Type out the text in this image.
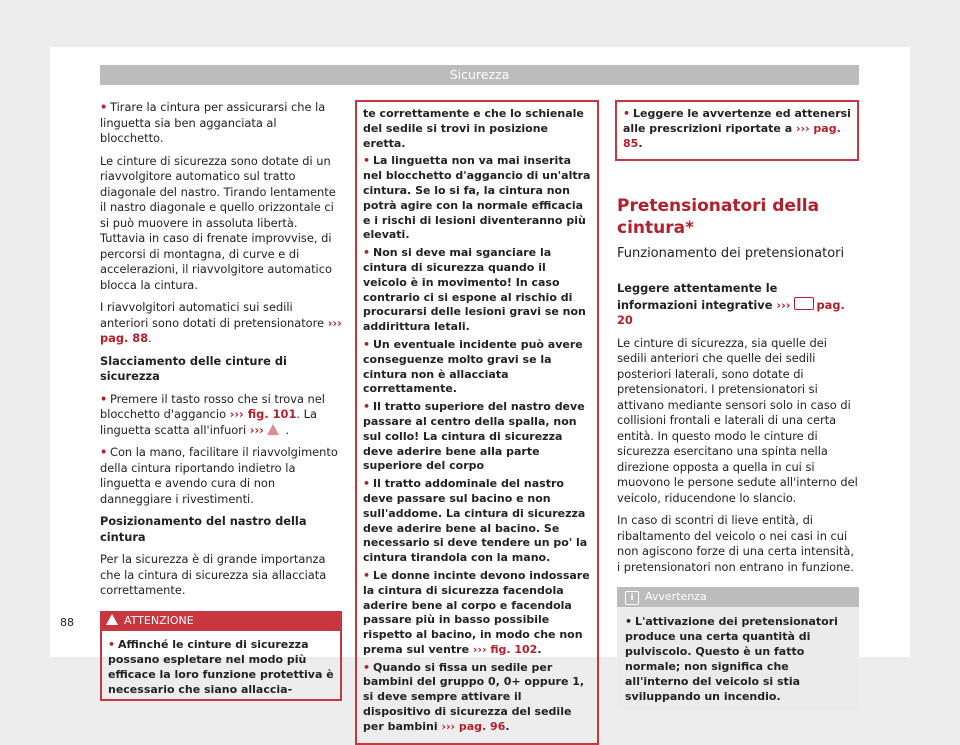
Sicurezza

• Tirare la cintura per assicurarsi che la linguetta sia ben agganciata al blocchetto.

Le cinture di sicurezza sono dotate di un riavvolgitore automatico sul tratto diagonale del nastro. Tirando lentamente il nastro diagonale e quello orizzontale ci si può muovere in assoluta libertà. Tuttavia in caso di frenate improvvise, di percorsi di montagna, di curve e di accelerazioni, il riavvolgitore automatico blocca la cintura.

I riavvolgitori automatici sui sedili anteriori sono dotati di pretensionatore ››› pag. 88.

Slacciamento delle cinture di sicurezza

• Premere il tasto rosso che si trova nel blocchetto d'aggancio ››› fig. 101. La linguetta scatta all'infuori ››› .

• Con la mano, facilitare il riavvolgimento della cintura riportando indietro la linguetta e avendo cura di non danneggiare i rivestimenti.

Posizionamento del nastro della cintura

Per la sicurezza è di grande importanza che la cintura di sicurezza sia allacciata correttamente.

ATTENZIONE
• Affinché le cinture di sicurezza possano espletare nel modo più efficace la loro funzione protettiva è necessario che siano allaccia-

te correttamente e che lo schienale del sedile si trovi in posizione eretta.

• La linguetta non va mai inserita nel blocchetto d'aggancio di un'altra cintura. Se lo si fa, la cintura non potrà agire con la normale efficacia e i rischi di lesioni diventeranno più elevati.

• Non si deve mai sganciare la cintura di sicurezza quando il veicolo è in movimento! In caso contrario ci si espone al rischio di procurarsi delle lesioni gravi se non addirittura letali.

• Un eventuale incidente può avere conseguenze molto gravi se la cintura non è allacciata correttamente.

• Il tratto superiore del nastro deve passare al centro della spalla, non sul collo! La cintura di sicurezza deve aderire bene alla parte superiore del corpo

• Il tratto addominale del nastro deve passare sul bacino e non sull'addome. La cintura di sicurezza deve aderire bene al bacino. Se necessario si deve tendere un po' la cintura tirandola con la mano.

• Le donne incinte devono indossare la cintura di sicurezza facendola aderire bene al corpo e facendola passare più in basso possibile rispetto al bacino, in modo che non prema sul ventre ››› fig. 102.

• Quando si fissa un sedile per bambini del gruppo 0, 0+ oppure 1, si deve sempre attivare il dispositivo di sicurezza del sedile per bambini ››› pag. 96.

• Leggere le avvertenze ed attenersi alle prescrizioni riportate a ››› pag. 85.

Pretensionatori della cintura*
Funzionamento dei pretensionatori

Leggere attentamente le informazioni integrative ››› pag. 20

Le cinture di sicurezza, sia quelle dei sedili anteriori che quelle dei sedili posteriori laterali, sono dotate di pretensionatori. I pretensionatori si attivano mediante sensori solo in caso di collisioni frontali e laterali di una certa entità. In questo modo le cinture di sicurezza esercitano una spinta nella direzione opposta a quella in cui si muovono le persone sedute all'interno del veicolo, riducendone lo slancio.

In caso di scontri di lieve entità, di ribaltamento del veicolo o nei casi in cui non agiscono forze di una certa intensità, i pretensionatori non entrano in funzione.

i Avvertenza
• L'attivazione dei pretensionatori produce una certa quantità di pulviscolo. Questo è un fatto normale; non significa che all'interno del veicolo si stia sviluppando un incendio.
88
